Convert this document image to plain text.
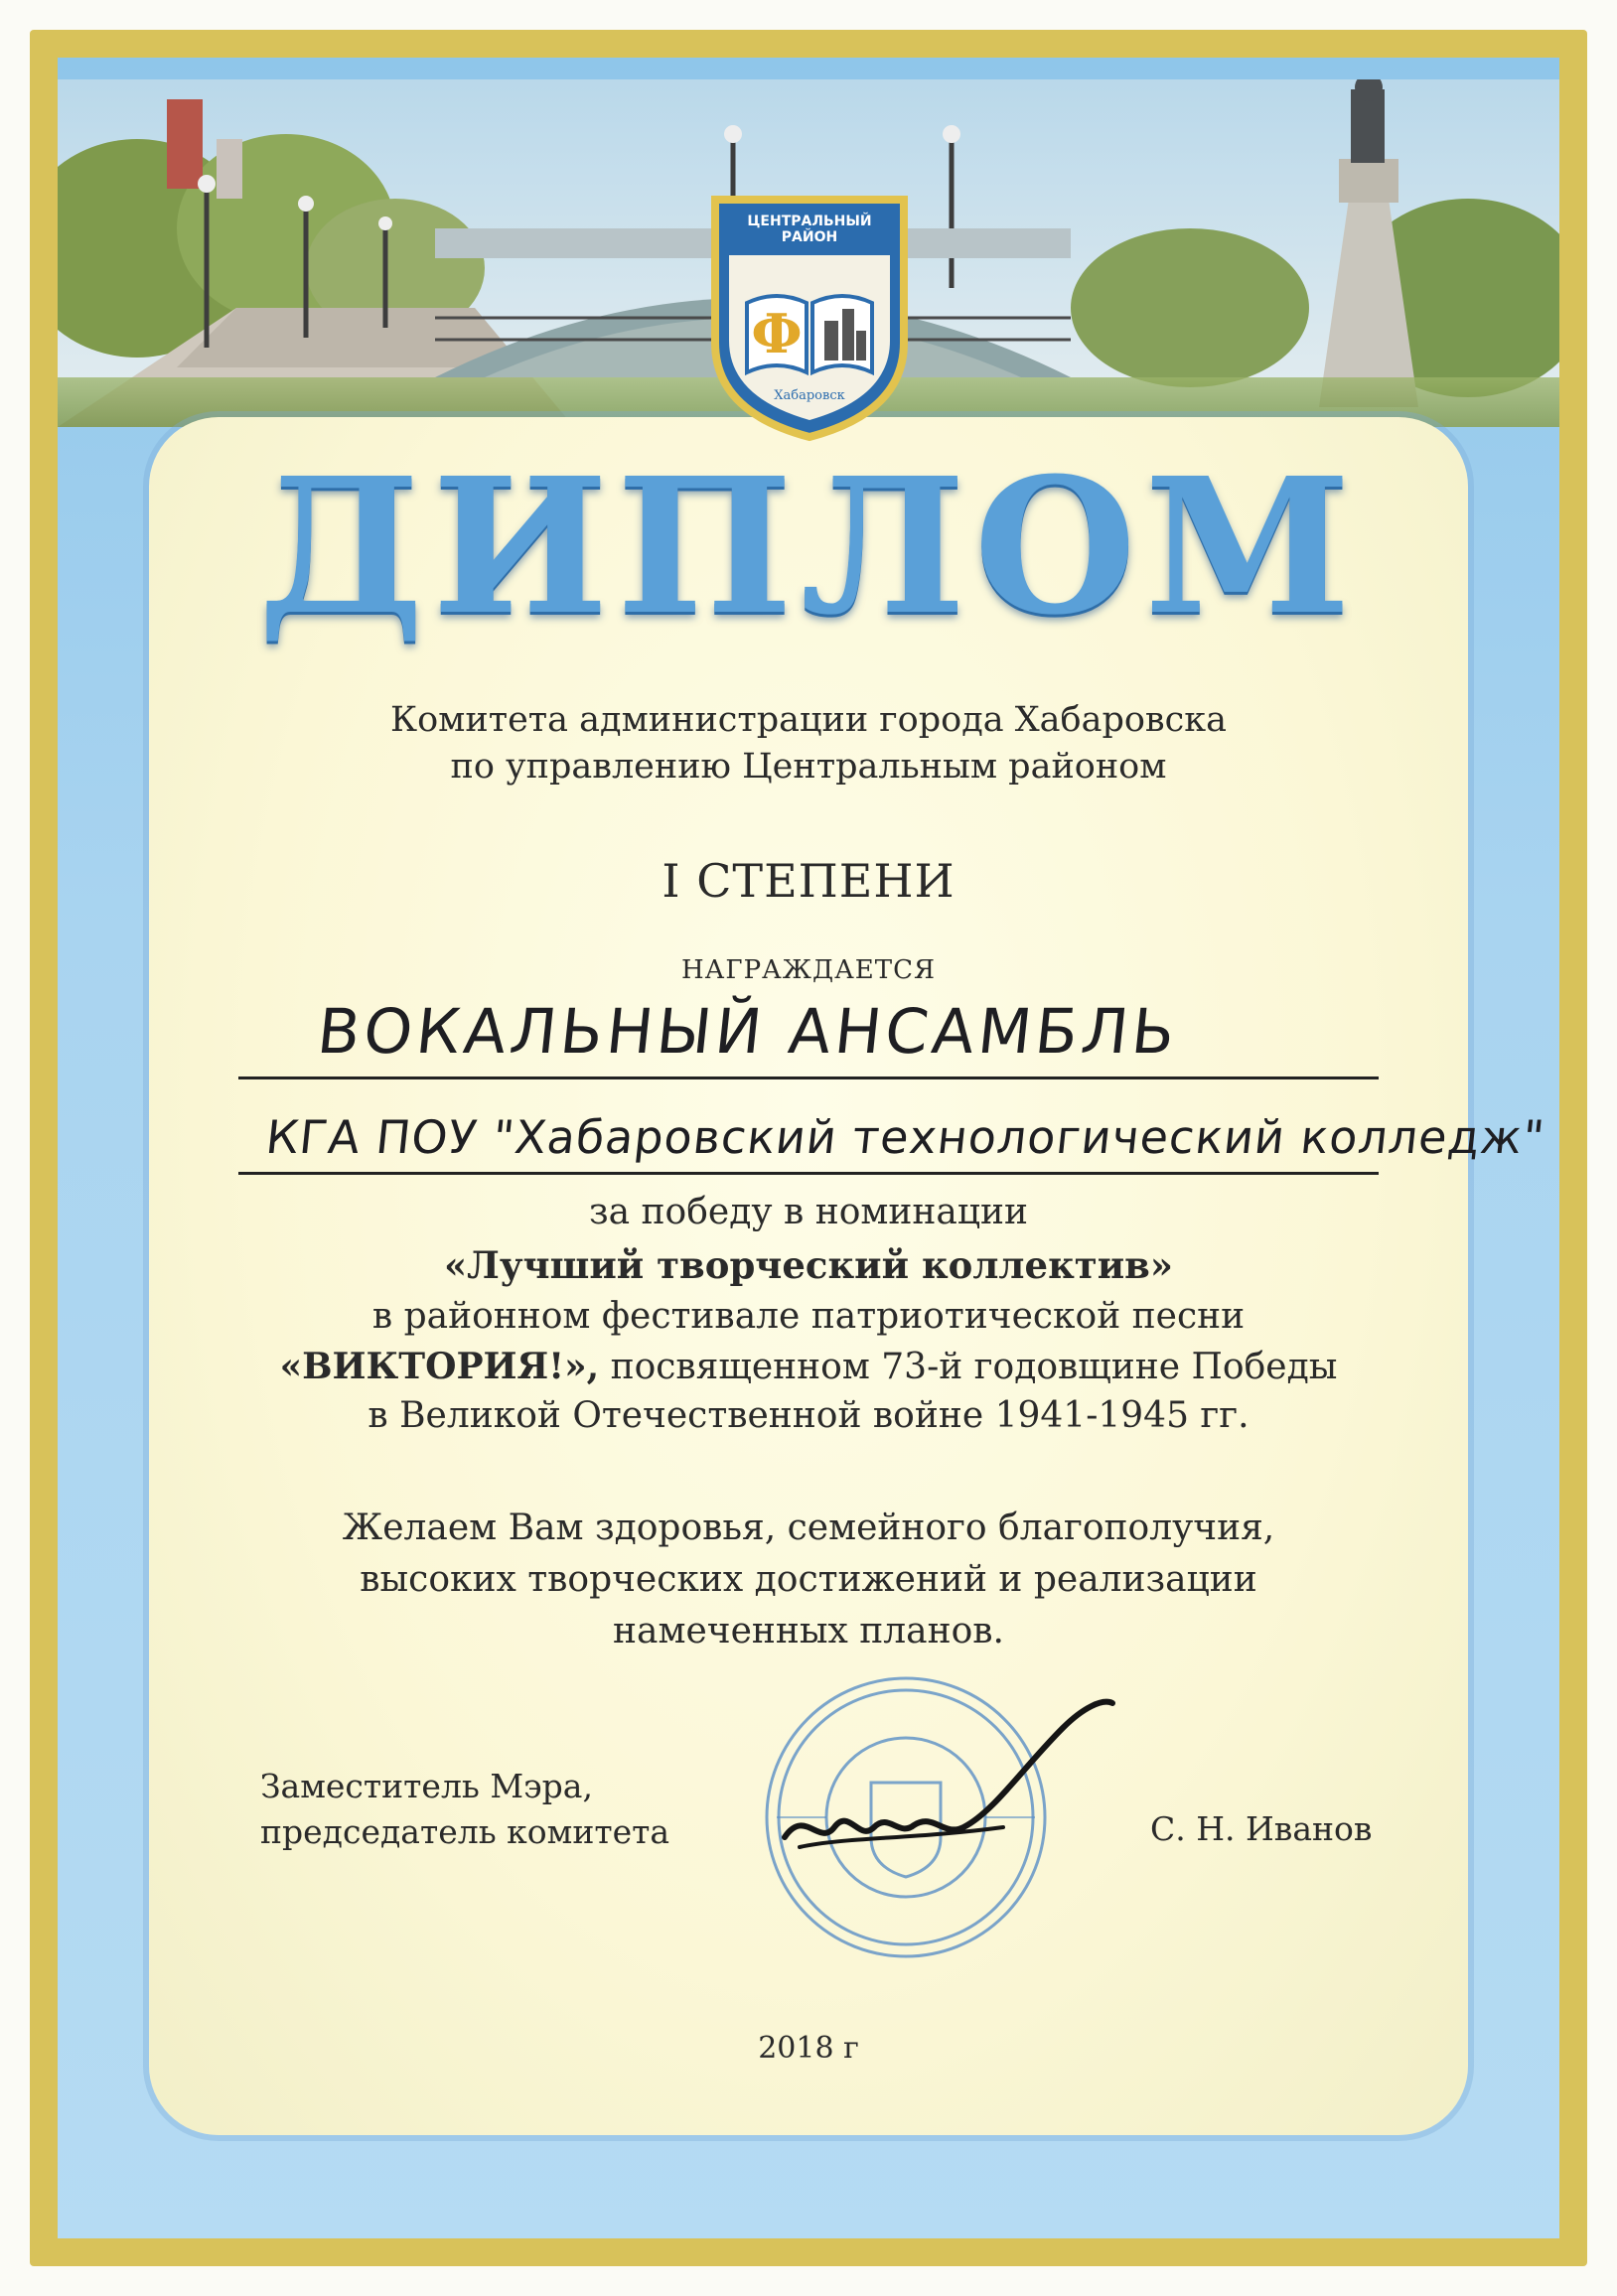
Ф
ЦЕНТРАЛЬНЫЙ РАЙОН
Хабаровск
ДИПЛОМ
Комитета администрации города Хабаровска
по управлению Центральным районом
I СТЕПЕНИ
НАГРАЖДАЕТСЯ
ВОКАЛЬНЫЙ АНСАМБЛЬ
КГА ПОУ "Хабаровский технологический колледж"
за победу в номинации
«Лучший творческий коллектив»
в районном фестивале патриотической песни
«ВИКТОРИЯ!», посвященном 73-й годовщине Победы
в Великой Отечественной войне 1941-1945 гг.
Желаем Вам здоровья, семейного благополучия,
высоких творческих достижений и реализации
намеченных планов.
Заместитель Мэра,
председатель комитета	С. Н. Иванов
2018 г
